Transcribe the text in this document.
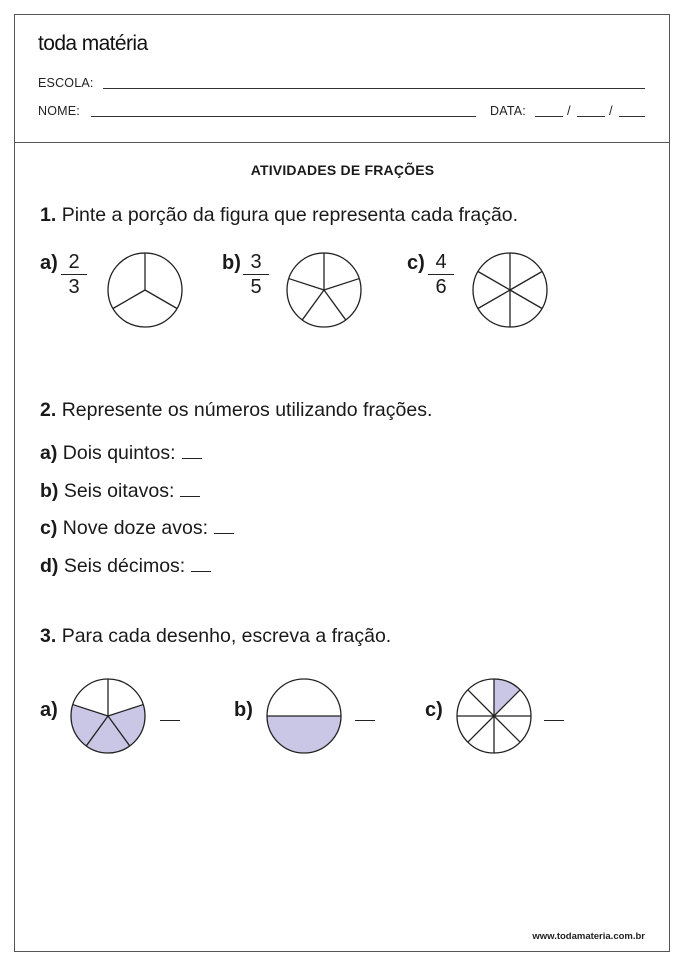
toda matéria
ESCOLA:
NOME:	DATA:	/	/
ATIVIDADES DE FRAÇÕES
1. Pinte a porção da figura que representa cada fração.
a) 2
3
b) 3
5
c) 4
6
2. Represente os números utilizando frações.
a) Dois quintos:
b) Seis oitavos:
c) Nove doze avos:
d) Seis décimos:
3. Para cada desenho, escreva a fração.
a)	b)	c)
www.todamateria.com.br
